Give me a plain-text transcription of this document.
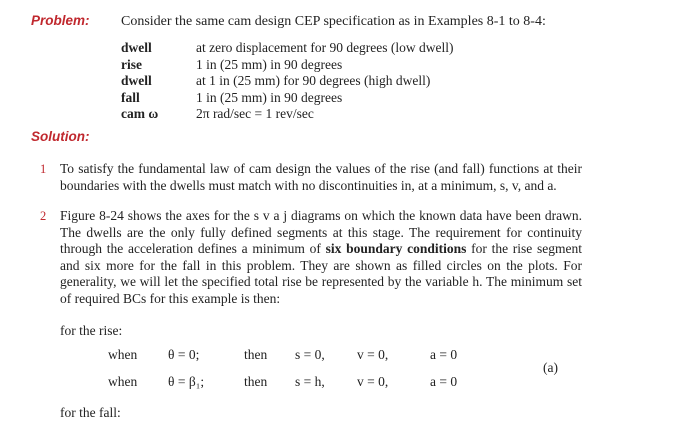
Problem: Consider the same cam design CEP specification as in Examples 8-1 to 8-4:
dwell	at zero displacement for 90 degrees (low dwell)
rise	1 in (25 mm) in 90 degrees
dwell	at 1 in (25 mm) for 90 degrees (high dwell)
fall	1 in (25 mm) in 90 degrees
cam ω	2π rad/sec = 1 rev/sec
Solution:
1 To satisfy the fundamental law of cam design the values of the rise (and fall) functions at their boundaries with the dwells must match with no discontinuities in, at a minimum, s, v, and a.
2 Figure 8-24 shows the axes for the s v a j diagrams on which the known data have been drawn. The dwells are the only fully defined segments at this stage. The requirement for continuity through the acceleration defines a minimum of six boundary conditions for the rise segment and six more for the fall in this problem. They are shown as filled circles on the plots. For generality, we will let the specified total rise be represented by the variable h. The minimum set of required BCs for this example is then:
for the rise:
when θ = 0;	then s = 0, v = 0,	a = 0
when θ = β₁;	then s = h, v = 0,	a = 0
(a)
for the fall:
